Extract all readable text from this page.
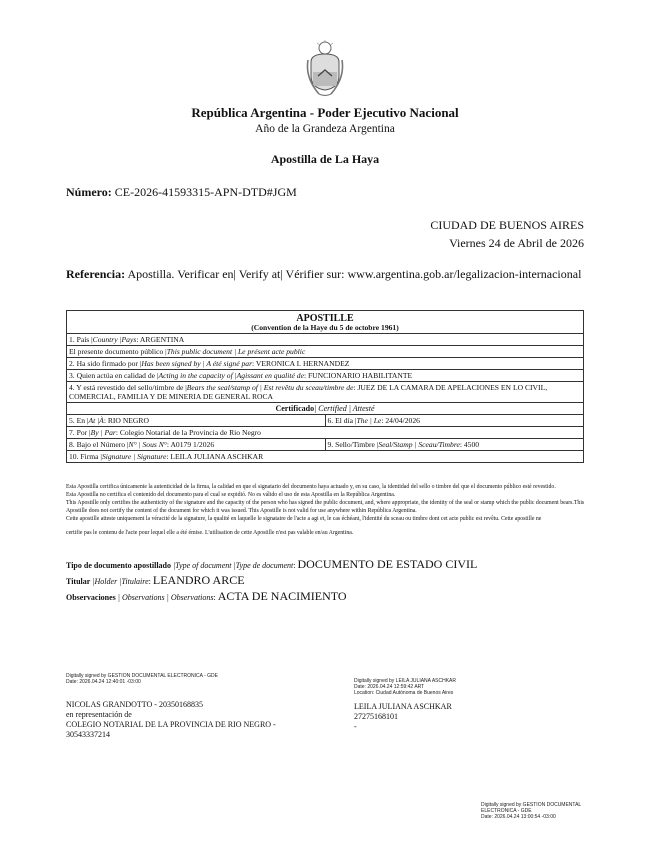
República Argentina - Poder Ejecutivo Nacional
Año de la Grandeza Argentina
Apostilla de La Haya
Número: CE-2026-41593315-APN-DTD#JGM
CIUDAD DE BUENOS AIRES
Viernes 24 de Abril de 2026
Referencia: Apostilla. Verificar en| Verify at| Vérifier sur: www.argentina.gob.ar/legalizacion-internacional
APOSTILLE
(Convention de la Haye du 5 de octobre 1961)	

1. País |Country |Pays: ARGENTINA	
El presente documento público |This public document | Le présent acte public	
2. Ha sido firmado por |Has been signed by | A été signé par: VERONICA I. HERNANDEZ	
3. Quien actúa en calidad de |Acting in the capacity of |Agissant en qualité de: FUNCIONARIO HABILITANTE	
4. Y está revestido del sello/timbre de |Bears the seal/stamp of | Est revêtu du sceau/timbre de: JUEZ DE LA CAMARA DE APELACIONES EN LO CIVIL, COMERCIAL, FAMILIA Y DE MINERIA DE GENERAL ROCA	
Certificado| Certified | Attesté	
5. En |At |À: RIO NEGRO	6. El día |The | Le: 24/04/2026
7. Por |By | Par: Colegio Notarial de la Provincia de Rio Negro	
8. Bajo el Número |N° | Sous N°: A0179 1/2026	9. Sello/Timbre |Seal/Stamp | Sceau/Timbre: 4500
10. Firma |Signature | Signature: LEILA JULIANA ASCHKAR	

Esta Apostilla certifica únicamente la autenticidad de la firma, la calidad en que el signatario del documento haya actuado y, en su caso, la identidad del sello o timbre del que el documento público esté revestido.

Esta Apostilla no certifica el contenido del documento para el cual se expidió. No es válido el uso de esta Apostilla en la República Argentina.

This Apostille only certifies the authenticity of the signature and the capacity of the person who has signed the public document, and, where appropriate, the identity of the seal or stamp which the public document bears.This Apostille does not certify the content of the document for which it was issued. This Apostille is not valid for use anywhere within República Argentina.

Cette apostille atteste uniquement la véracité de la signature, la qualité en laquelle le signataire de l'acte a agi et, le cas échéant, l'identité du sceau ou timbre dont cet acte public est revêtu. Cette apostille ne

certifie pas le contenu de l'acte pour lequel elle a été émise. L'utilisation de cette Apostille n'est pas valable en/au Argentina.

Tipo de documento apostillado |Type of document |Type de document: DOCUMENTO DE ESTADO CIVIL
Titular |Holder |Titulaire: LEANDRO ARCE
Observaciones | Observations | Observations: ACTA DE NACIMIENTO
Digitally signed by GESTION DOCUMENTAL ELECTRONICA - GDE
Date: 2026.04.24 12:40:01 -03:00
NICOLAS GRANDOTTO - 20350168835
en representación de
COLEGIO NOTARIAL DE LA PROVINCIA DE RIO NEGRO -
30543337214
Digitally signed by LEILA JULIANA ASCHKAR
Date: 2026.04.24 12:59:42 ART
Location: Ciudad Autónoma de Buenos Aires
LEILA JULIANA ASCHKAR
27275168101
-
Digitally signed by GESTION DOCUMENTAL
ELECTRONICA - GDE
Date: 2026.04.24 13:00:54 -03:00
